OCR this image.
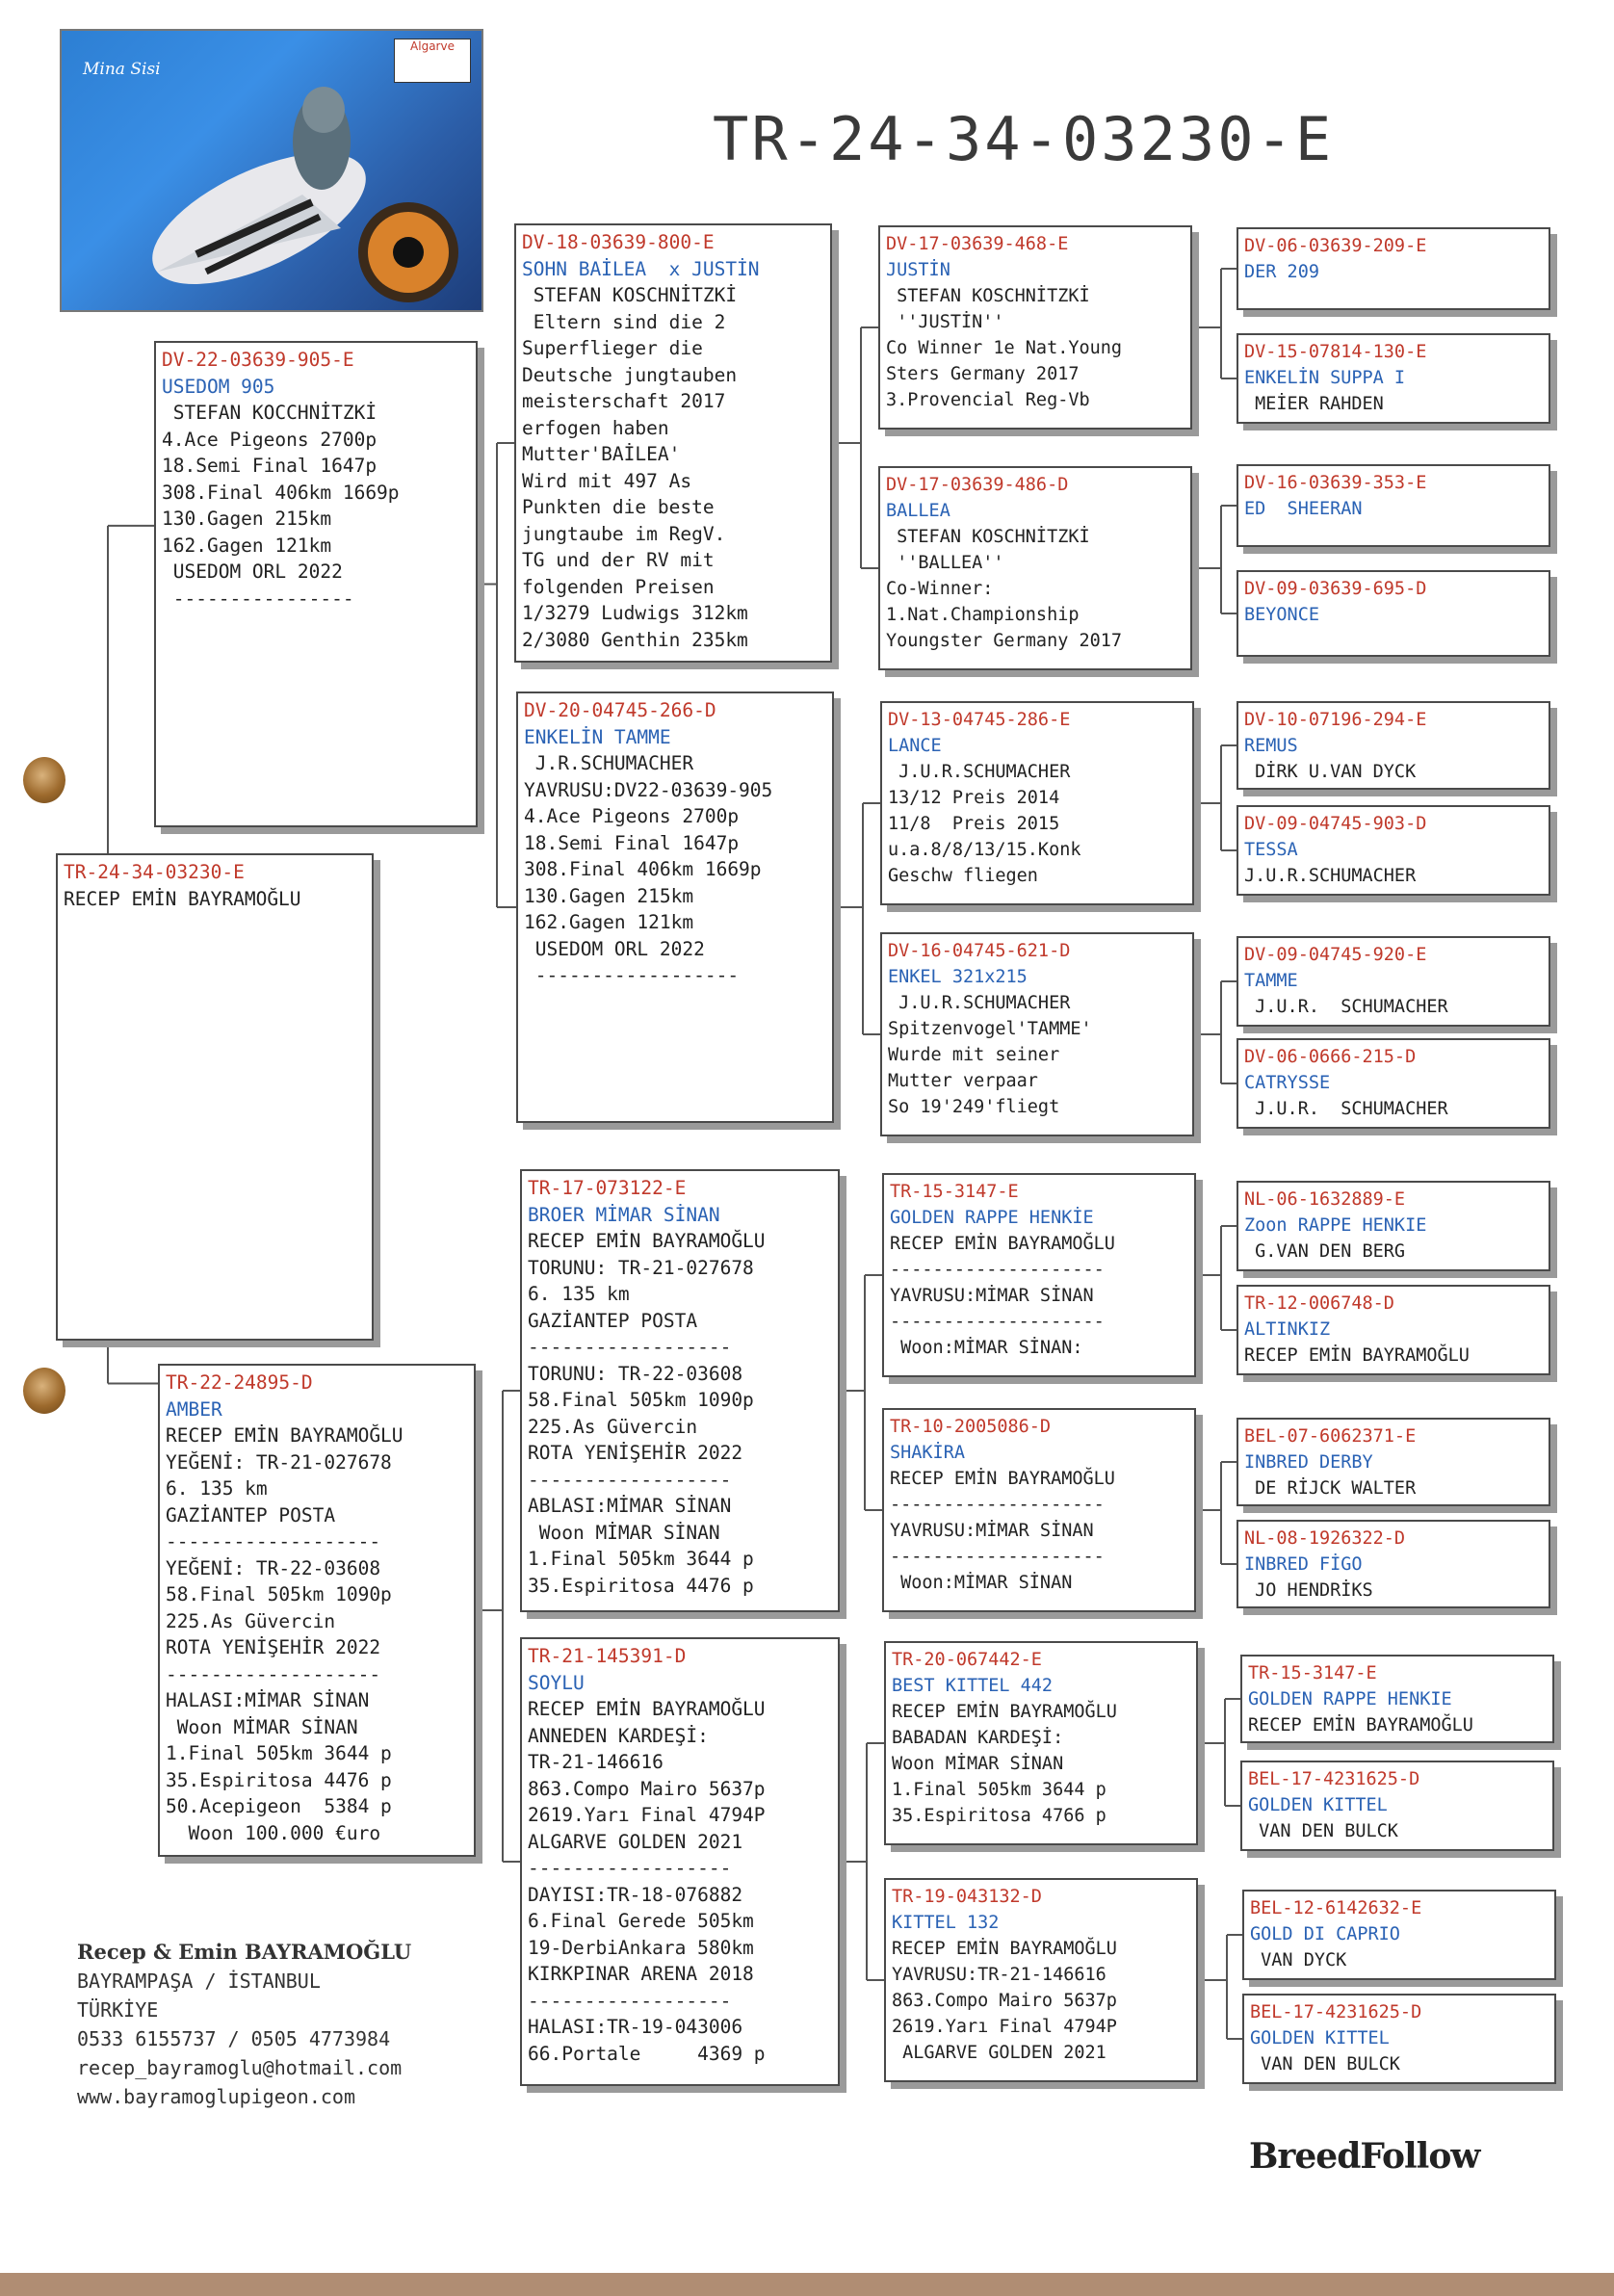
Mina Sisi
Algarve
TR-24-34-03230-E
TR-24-34-03230-E
RECEP EMİN BAYRAMOĞLU
DV-22-03639-905-E
USEDOM 905
STEFAN KOCCHNİTZKİ
4.Ace Pigeons 2700p
18.Semi Final 1647p
308.Final 406km 1669p
130.Gagen 215km
162.Gagen 121km
USEDOM ORL 2022
----------------
TR-22-24895-D
AMBER
RECEP EMİN BAYRAMOĞLU
YEĞENİ: TR-21-027678
6. 135 km
GAZİANTEP POSTA
-------------------
YEĞENİ: TR-22-03608
58.Final 505km 1090p
225.As Güvercin
ROTA YENİŞEHİR 2022
-------------------
HALASI:MİMAR SİNAN
Woon MİMAR SİNAN
1.Final 505km 3644 p
35.Espiritosa 4476 p
50.Acepigeon  5384 p
Woon 100.000 €uro
DV-18-03639-800-E
SOHN BAİLEA  x JUSTİN
STEFAN KOSCHNİTZKİ
Eltern sind die 2
Superflieger die
Deutsche jungtauben
meisterschaft 2017
erfogen haben
Mutter'BAİLEA'
Wird mit 497 As
Punkten die beste
jungtaube im RegV.
TG und der RV mit
folgenden Preisen
1/3279 Ludwigs 312km
2/3080 Genthin 235km
DV-20-04745-266-D
ENKELİN TAMME
J.R.SCHUMACHER
YAVRUSU:DV22-03639-905
4.Ace Pigeons 2700p
18.Semi Final 1647p
308.Final 406km 1669p
130.Gagen 215km
162.Gagen 121km
USEDOM ORL 2022
------------------
TR-17-073122-E
BROER MİMAR SİNAN
RECEP EMİN BAYRAMOĞLU
TORUNU: TR-21-027678
6. 135 km
GAZİANTEP POSTA
------------------
TORUNU: TR-22-03608
58.Final 505km 1090p
225.As Güvercin
ROTA YENİŞEHİR 2022
------------------
ABLASI:MİMAR SİNAN
Woon MİMAR SİNAN
1.Final 505km 3644 p
35.Espiritosa 4476 p
TR-21-145391-D
SOYLU
RECEP EMİN BAYRAMOĞLU
ANNEDEN KARDEŞİ:
TR-21-146616
863.Compo Mairo 5637p
2619.Yarı Final 4794P
ALGARVE GOLDEN 2021
------------------
DAYISI:TR-18-076882
6.Final Gerede 505km
19-DerbiAnkara 580km
KIRKPINAR ARENA 2018
------------------
HALASI:TR-19-043006
66.Portale     4369 p
DV-17-03639-468-E
JUSTİN
STEFAN KOSCHNİTZKİ
''JUSTİN''
Co Winner 1e Nat.Young
Sters Germany 2017
3.Provencial Reg-Vb
DV-17-03639-486-D
BALLEA
STEFAN KOSCHNİTZKİ
''BALLEA''
Co-Winner:
1.Nat.Championship
Youngster Germany 2017
DV-13-04745-286-E
LANCE
J.U.R.SCHUMACHER
13/12 Preis 2014
11/8  Preis 2015
u.a.8/8/13/15.Konk
Geschw fliegen
DV-16-04745-621-D
ENKEL 321x215
J.U.R.SCHUMACHER
Spitzenvogel'TAMME'
Wurde mit seiner
Mutter verpaar
So 19'249'fliegt
TR-15-3147-E
GOLDEN RAPPE HENKİE
RECEP EMİN BAYRAMOĞLU
--------------------
YAVRUSU:MİMAR SİNAN
--------------------
Woon:MİMAR SİNAN:
TR-10-2005086-D
SHAKİRA
RECEP EMİN BAYRAMOĞLU
--------------------
YAVRUSU:MİMAR SİNAN
--------------------
Woon:MİMAR SİNAN
TR-20-067442-E
BEST KITTEL 442
RECEP EMİN BAYRAMOĞLU
BABADAN KARDEŞİ:
Woon MİMAR SİNAN
1.Final 505km 3644 p
35.Espiritosa 4766 p
TR-19-043132-D
KITTEL 132
RECEP EMİN BAYRAMOĞLU
YAVRUSU:TR-21-146616
863.Compo Mairo 5637p
2619.Yarı Final 4794P
ALGARVE GOLDEN 2021
DV-06-03639-209-E
DER 209
DV-15-07814-130-E
ENKELİN SUPPA I
MEİER RAHDEN
DV-16-03639-353-E
ED  SHEERAN
DV-09-03639-695-D
BEYONCE
DV-10-07196-294-E
REMUS
DİRK U.VAN DYCK
DV-09-04745-903-D
TESSA
J.U.R.SCHUMACHER
DV-09-04745-920-E
TAMME
J.U.R.  SCHUMACHER
DV-06-0666-215-D
CATRYSSE
J.U.R.  SCHUMACHER
NL-06-1632889-E
Zoon RAPPE HENKIE
G.VAN DEN BERG
TR-12-006748-D
ALTINKIZ
RECEP EMİN BAYRAMOĞLU
BEL-07-6062371-E
INBRED DERBY
DE RİJCK WALTER
NL-08-1926322-D
INBRED FİGO
JO HENDRİKS
TR-15-3147-E
GOLDEN RAPPE HENKIE
RECEP EMİN BAYRAMOĞLU
BEL-17-4231625-D
GOLDEN KITTEL
VAN DEN BULCK
BEL-12-6142632-E
GOLD DI CAPRIO
VAN DYCK
BEL-17-4231625-D
GOLDEN KITTEL
VAN DEN BULCK
Recep & Emin BAYRAMOĞLU
BAYRAMPAŞA / İSTANBUL
TÜRKİYE
0533 6155737 / 0505 4773984
recep_bayramoglu@hotmail.com
www.bayramoglupigeon.com
BreedFollow
